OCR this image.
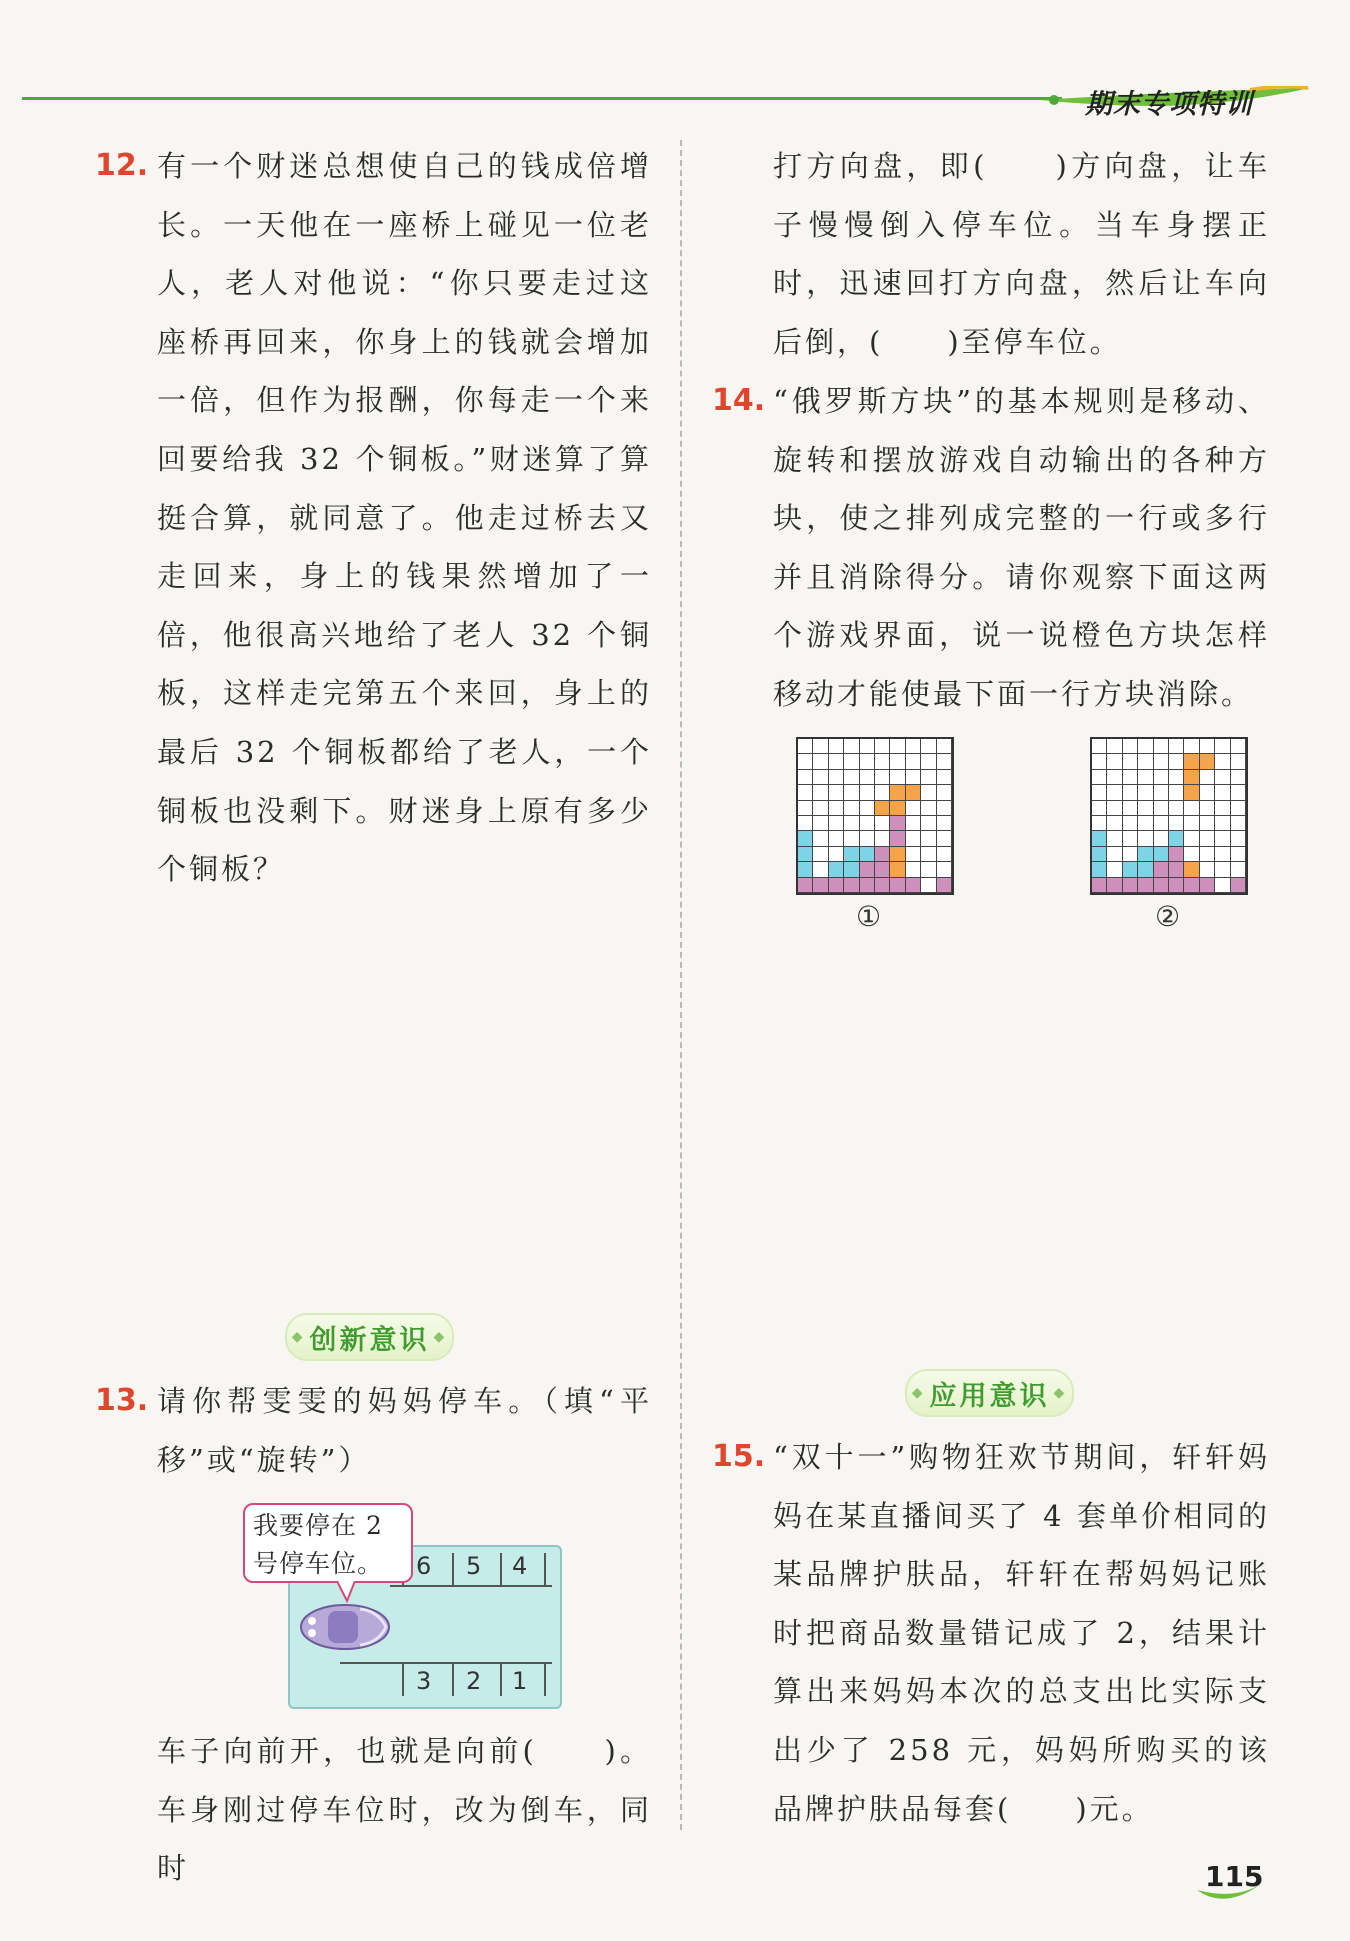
期末专项特训
12. 有一个财迷总想使自己的钱成倍增长。一天他在一座桥上碰见一位老人，老人对他说：“你只要走过这座桥再回来，你身上的钱就会增加一倍，但作为报酬，你每走一个来回要给我 32 个铜板。”财迷算了算挺合算，就同意了。他走过桥去又走回来，身上的钱果然增加了一倍，他很高兴地给了老人 32 个铜板，这样走完第五个来回，身上的最后 32 个铜板都给了老人，一个铜板也没剩下。财迷身上原有多少个铜板？
◆ 创新意识 ◆
13. 请你帮雯雯的妈妈停车。（填“平移”或“旋转”）
6 5 4
3 2 1
我要停在 2 号停车位。
车子向前开，也就是向前(　　)。车身刚过停车位时，改为倒车，同时
打方向盘，即(　　)方向盘，让车子慢慢倒入停车位。当车身摆正时，迅速回打方向盘，然后让车向后倒，(　　)至停车位。
14. “俄罗斯方块”的基本规则是移动、旋转和摆放游戏自动输出的各种方块，使之排列成完整的一行或多行并且消除得分。请你观察下面这两个游戏界面，说一说橙色方块怎样移动才能使最下面一行方块消除。
①	②
◆ 应用意识 ◆
15. “双十一”购物狂欢节期间，轩轩妈妈在某直播间买了 4 套单价相同的某品牌护肤品，轩轩在帮妈妈记账时把商品数量错记成了 2，结果计算出来妈妈本次的总支出比实际支出少了 258 元，妈妈所购买的该品牌护肤品每套(　　)元。
115
